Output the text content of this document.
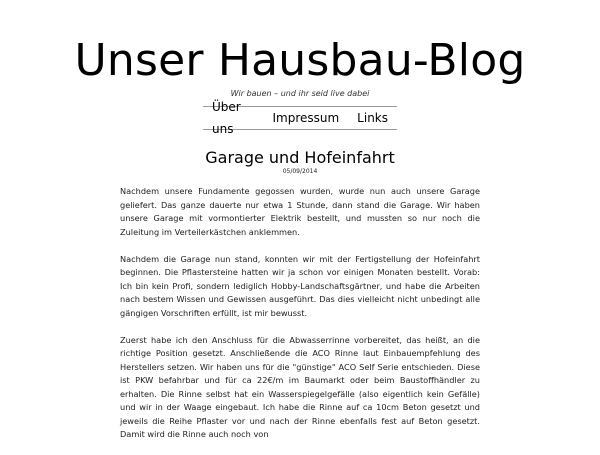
Unser Hausbau-Blog
Wir bauen – und ihr seid live dabei
Über uns
Impressum	Links
Garage und Hofeinfahrt
05/09/2014

Nachdem unsere Fundamente gegossen wurden, wurde nun auch unsere Garage geliefert. Das ganze dauerte nur etwa 1 Stunde, dann stand die Garage. Wir haben unsere Garage mit vormontierter Elektrik bestellt, und mussten so nur noch die Zuleitung im Verteilerkästchen anklemmen.

Nachdem die Garage nun stand, konnten wir mit der Fertigstellung der Hofeinfahrt beginnen. Die Pflastersteine hatten wir ja schon vor einigen Monaten bestellt. Vorab: Ich bin kein Profi, sondern lediglich Hobby-Landschaftsgärtner, und habe die Arbeiten nach bestem Wissen und Gewissen ausgeführt. Das dies vielleicht nicht unbedingt alle gängigen Vorschriften erfüllt, ist mir bewusst.

Zuerst habe ich den Anschluss für die Abwasserrinne vorbereitet, das heißt, an die richtige Position gesetzt. Anschließende die ACO Rinne laut Einbauempfehlung des Herstellers setzen. Wir haben uns für die "günstige" ACO Self Serie entschieden. Diese ist PKW befahrbar und für ca 22€/m im Baumarkt oder beim Baustoffhändler zu erhalten. Die Rinne selbst hat ein Wasserspiegelgefälle (also eigentlich kein Gefälle) und wir in der Waage eingebaut. Ich habe die Rinne auf ca 10cm Beton gesetzt und jeweils die Reihe Pflaster vor und nach der Rinne ebenfalls fest auf Beton gesetzt. Damit wird die Rinne auch noch von
